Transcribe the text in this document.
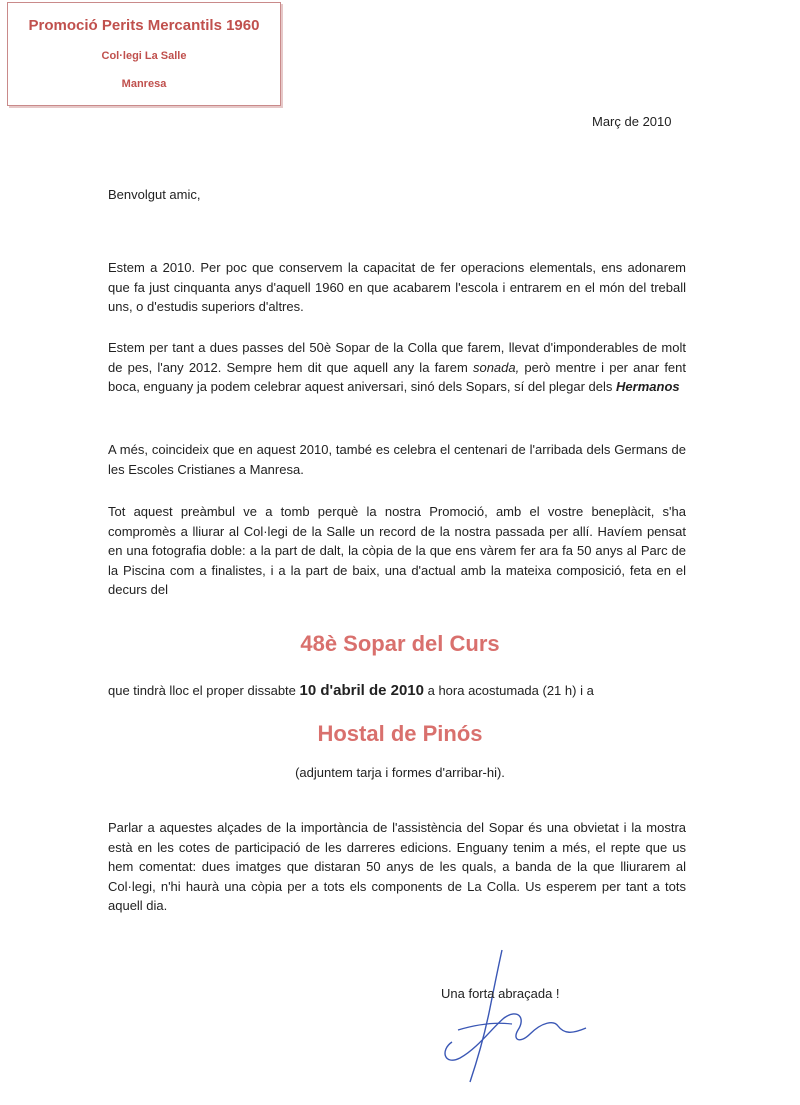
Promoció Perits Mercantils 1960
Col·legi La Salle
Manresa
Març de 2010
Benvolgut amic,

Estem a 2010. Per poc que conservem la capacitat de fer operacions elementals, ens adonarem que fa just cinquanta anys d'aquell 1960 en que acabarem l'escola i entrarem en el món del treball uns, o d'estudis superiors d'altres.

Estem per tant a dues passes del 50è Sopar de la Colla que farem, llevat d'imponderables de molt de pes, l'any 2012. Sempre hem dit que aquell any la farem sonada, però mentre i per anar fent boca, enguany ja podem celebrar aquest aniversari, sinó dels Sopars, sí del plegar dels Hermanos

A més, coincideix que en aquest 2010, també es celebra el centenari de l'arribada dels Germans de les Escoles Cristianes a Manresa.

Tot aquest preàmbul ve a tomb perquè la nostra Promoció, amb el vostre beneplàcit, s'ha compromès a lliurar al Col·legi de la Salle un record de la nostra passada per allí. Havíem pensat en una fotografia doble: a la part de dalt, la còpia de la que ens vàrem fer ara fa 50 anys al Parc de la Piscina com a finalistes, i a la part de baix, una d'actual amb la mateixa composició, feta en el decurs del

48è Sopar del Curs
que tindrà lloc el proper dissabte 10 d'abril de 2010 a hora acostumada (21 h) i a
Hostal de Pinós
(adjuntem tarja i formes d'arribar-hi).

Parlar a aquestes alçades de la importància de l'assistència del Sopar és una obvietat i la mostra està en les cotes de participació de les darreres edicions. Enguany tenim a més, el repte que us hem comentat: dues imatges que distaran 50 anys de les quals, a banda de la que lliurarem al Col·legi, n'hi haurà una còpia per a tots els components de La Colla. Us esperem per tant a tots aquell dia.

Una forta abraçada !
